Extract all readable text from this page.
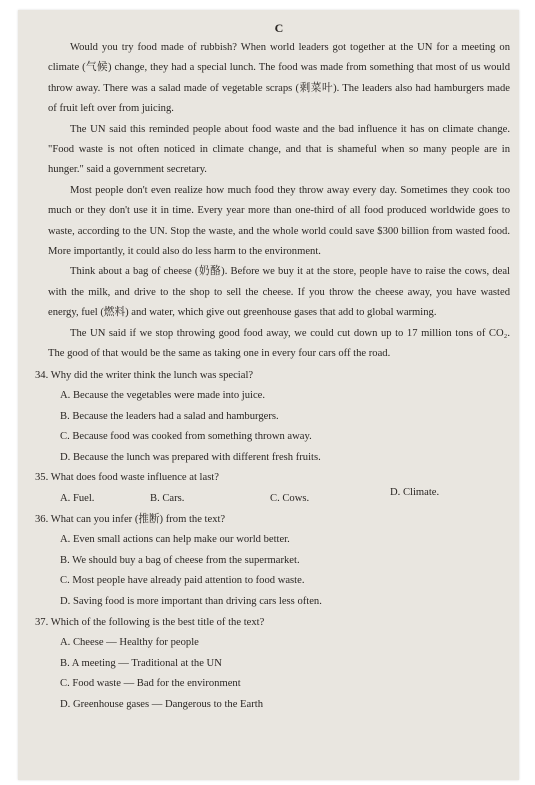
C

Would you try food made of rubbish? When world leaders got together at the UN for a meeting on climate (气候) change, they had a special lunch. The food was made from something that most of us would throw away. There was a salad made of vegetable scraps (剩菜叶). The leaders also had hamburgers made of fruit left over from juicing.

The UN said this reminded people about food waste and the bad influence it has on climate change. "Food waste is not often noticed in climate change, and that is shameful when so many people are in hunger." said a government secretary.

Most people don't even realize how much food they throw away every day. Sometimes they cook too much or they don't use it in time. Every year more than one-third of all food produced worldwide goes to waste, according to the UN. Stop the waste, and the whole world could save $300 billion from wasted food. More importantly, it could also do less harm to the environment.

Think about a bag of cheese (奶酪). Before we buy it at the store, people have to raise the cows, deal with the milk, and drive to the shop to sell the cheese. If you throw the cheese away, you have wasted energy, fuel (燃料) and water, which give out greenhouse gases that add to global warming.

The UN said if we stop throwing good food away, we could cut down up to 17 million tons of CO₂. The good of that would be the same as taking one in every four cars off the road.

34. Why did the writer think the lunch was special?

A. Because the vegetables were made into juice.

B. Because the leaders had a salad and hamburgers.

C. Because food was cooked from something thrown away.

D. Because the lunch was prepared with different fresh fruits.

35. What does food waste influence at last?

A. Fuel.	B. Cars.	C. Cows.
D. Climate.

36. What can you infer (推断) from the text?

A. Even small actions can help make our world better.

B. We should buy a bag of cheese from the supermarket.

C. Most people have already paid attention to food waste.

D. Saving food is more important than driving cars less often.

37. Which of the following is the best title of the text?

A. Cheese — Healthy for people

B. A meeting — Traditional at the UN

C. Food waste — Bad for the environment

D. Greenhouse gases — Dangerous to the Earth
